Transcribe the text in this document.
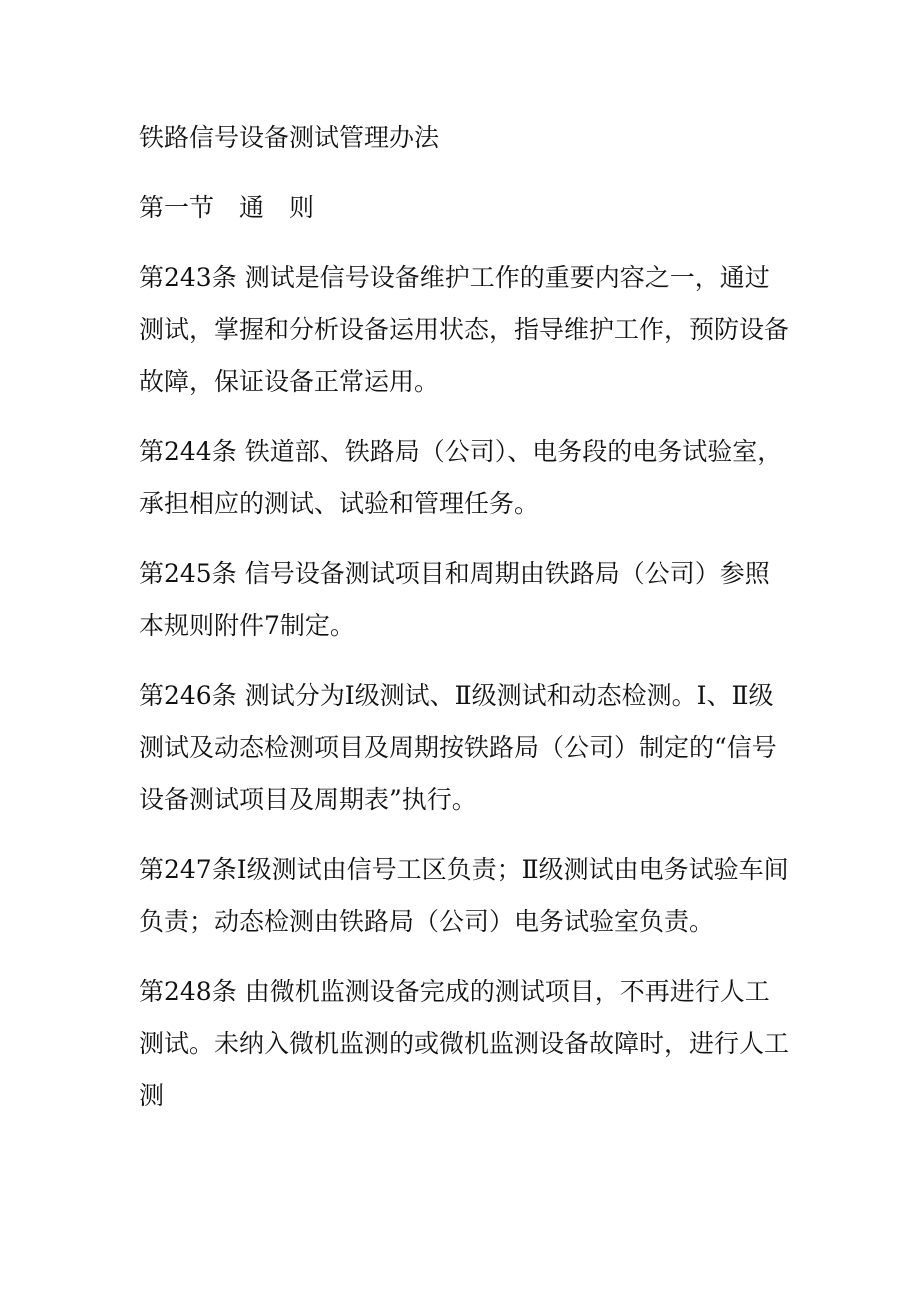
铁路信号设备测试管理办法

第一节　通　则

第243条 测试是信号设备维护工作的重要内容之一，通过测试，掌握和分析设备运用状态，指导维护工作，预防设备故障，保证设备正常运用。

第244条 铁道部、铁路局（公司）、电务段的电务试验室，承担相应的测试、试验和管理任务。

第245条 信号设备测试项目和周期由铁路局（公司）参照本规则附件7制定。

第246条 测试分为I级测试、Ⅱ级测试和动态检测。I、Ⅱ级测试及动态检测项目及周期按铁路局（公司）制定的“信号设备测试项目及周期表”执行。

第247条I级测试由信号工区负责；Ⅱ级测试由电务试验车间负责；动态检测由铁路局（公司）电务试验室负责。

第248条 由微机监测设备完成的测试项目，不再进行人工测试。未纳入微机监测的或微机监测设备故障时，进行人工测
